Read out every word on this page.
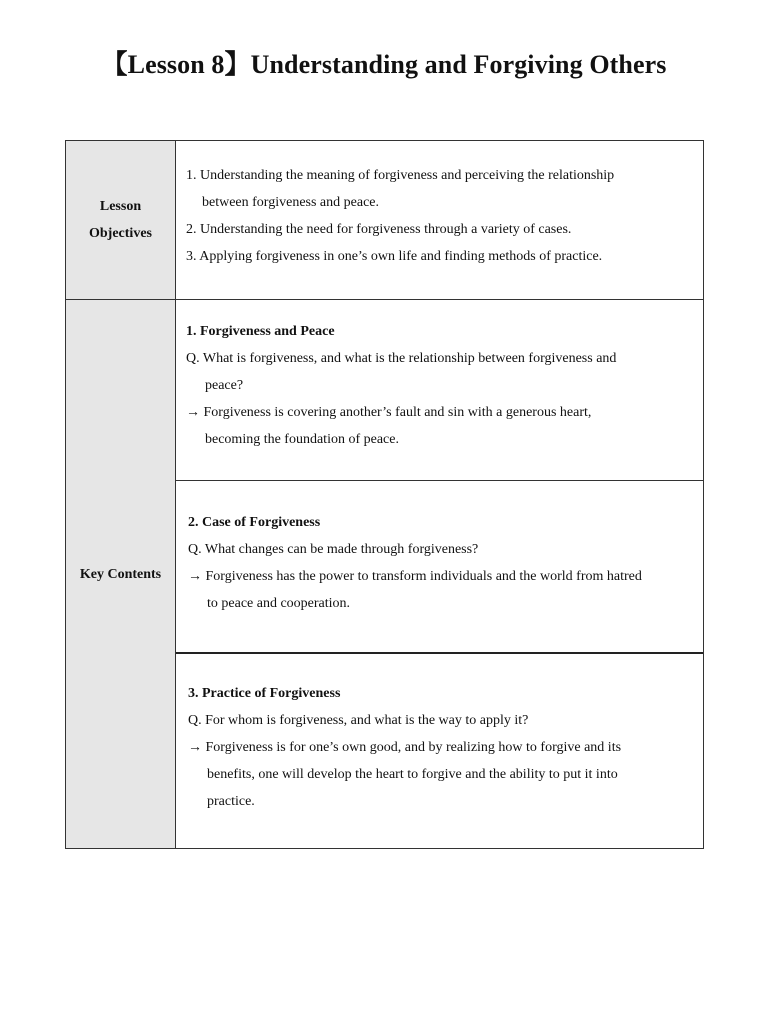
【Lesson 8】Understanding and Forgiving Others
Lesson
Objectives
1. Understanding the meaning of forgiveness and perceiving the relationship
between forgiveness and peace.
2. Understanding the need for forgiveness through a variety of cases.
3. Applying forgiveness in one’s own life and finding methods of practice.
Key Contents
1. Forgiveness and Peace
Q. What is forgiveness, and what is the relationship between forgiveness and
peace?
→ Forgiveness is covering another’s fault and sin with a generous heart,
becoming the foundation of peace.
2. Case of Forgiveness
Q. What changes can be made through forgiveness?
→ Forgiveness has the power to transform individuals and the world from hatred
to peace and cooperation.
3. Practice of Forgiveness
Q. For whom is forgiveness, and what is the way to apply it?
→ Forgiveness is for one’s own good, and by realizing how to forgive and its
benefits, one will develop the heart to forgive and the ability to put it into
practice.
